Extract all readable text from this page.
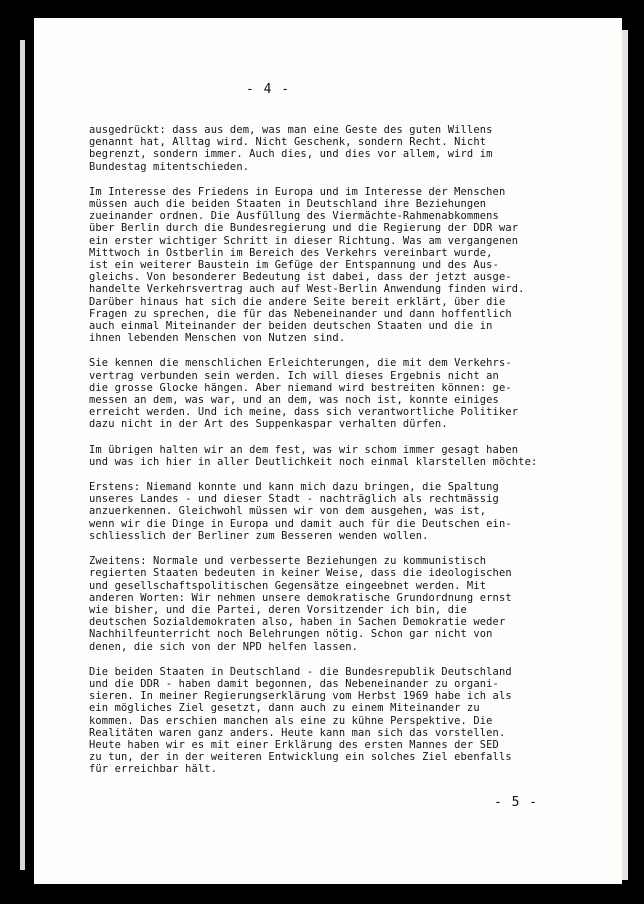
- 4 -
ausgedrückt: dass aus dem, was man eine Geste des guten Willens
genannt hat, Alltag wird. Nicht Geschenk, sondern Recht. Nicht
begrenzt, sondern immer. Auch dies, und dies vor allem, wird im
Bundestag mitentschieden.
Im Interesse des Friedens in Europa und im Interesse der Menschen
müssen auch die beiden Staaten in Deutschland ihre Beziehungen
zueinander ordnen. Die Ausfüllung des Viermächte-Rahmenabkommens
über Berlin durch die Bundesregierung und die Regierung der DDR war
ein erster wichtiger Schritt in dieser Richtung. Was am vergangenen
Mittwoch in Ostberlin im Bereich des Verkehrs vereinbart wurde,
ist ein weiterer Baustein im Gefüge der Entspannung und des Aus-
gleichs. Von besonderer Bedeutung ist dabei, dass der jetzt ausge-
handelte Verkehrsvertrag auch auf West-Berlin Anwendung finden wird.
Darüber hinaus hat sich die andere Seite bereit erklärt, über die
Fragen zu sprechen, die für das Nebeneinander und dann hoffentlich
auch einmal Miteinander der beiden deutschen Staaten und die in
ihnen lebenden Menschen von Nutzen sind.
Sie kennen die menschlichen Erleichterungen, die mit dem Verkehrs-
vertrag verbunden sein werden. Ich will dieses Ergebnis nicht an
die grosse Glocke hängen. Aber niemand wird bestreiten können: ge-
messen an dem, was war, und an dem, was noch ist, konnte einiges
erreicht werden. Und ich meine, dass sich verantwortliche Politiker
dazu nicht in der Art des Suppenkaspar verhalten dürfen.
Im übrigen halten wir an dem fest, was wir schom immer gesagt haben
und was ich hier in aller Deutlichkeit noch einmal klarstellen möchte:
Erstens: Niemand konnte und kann mich dazu bringen, die Spaltung
unseres Landes - und dieser Stadt - nachträglich als rechtmässig
anzuerkennen. Gleichwohl müssen wir von dem ausgehen, was ist,
wenn wir die Dinge in Europa und damit auch für die Deutschen ein-
schliesslich der Berliner zum Besseren wenden wollen.
Zweitens: Normale und verbesserte Beziehungen zu kommunistisch
regierten Staaten bedeuten in keiner Weise, dass die ideologischen
und gesellschaftspolitischen Gegensätze eingeebnet werden. Mit
anderen Worten: Wir nehmen unsere demokratische Grundordnung ernst
wie bisher, und die Partei, deren Vorsitzender ich bin, die
deutschen Sozialdemokraten also, haben in Sachen Demokratie weder
Nachhilfeunterricht noch Belehrungen nötig. Schon gar nicht von
denen, die sich von der NPD helfen lassen.
Die beiden Staaten in Deutschland - die Bundesrepublik Deutschland
und die DDR - haben damit begonnen, das Nebeneinander zu organi-
sieren. In meiner Regierungserklärung vom Herbst 1969 habe ich als
ein mögliches Ziel gesetzt, dann auch zu einem Miteinander zu
kommen. Das erschien manchen als eine zu kühne Perspektive. Die
Realitäten waren ganz anders. Heute kann man sich das vorstellen.
Heute haben wir es mit einer Erklärung des ersten Mannes der SED
zu tun, der in der weiteren Entwicklung ein solches Ziel ebenfalls
für erreichbar hält.
- 5 -
